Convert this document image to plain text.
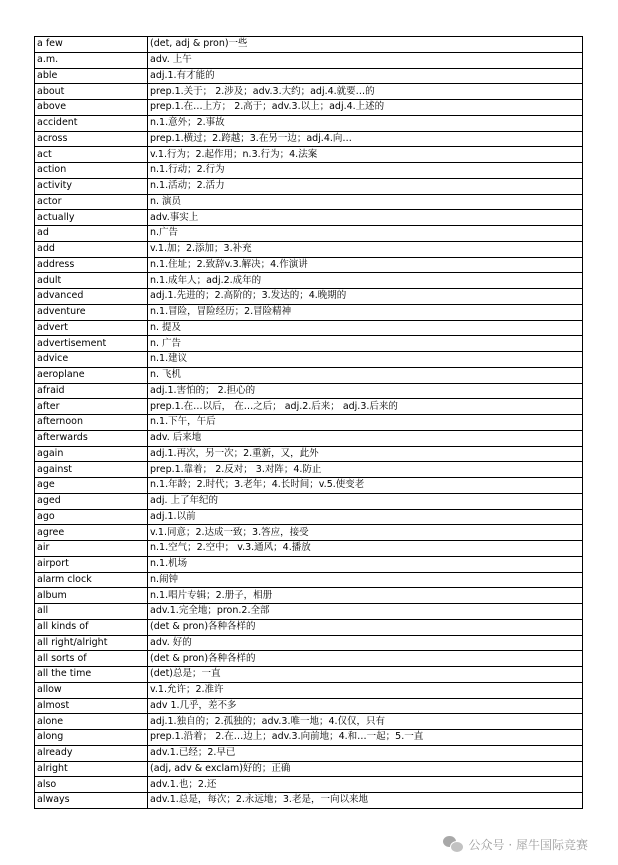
a few	(det, adj & pron)一些
a.m.	adv. 上午
able	adj.1.有才能的
about	prep.1.关于； 2.涉及；adv.3.大约；adj.4.就要…的
above	prep.1.在…上方； 2.高于；adv.3.以上；adj.4.上述的
accident	n.1.意外；2.事故
across	prep.1.横过；2.跨越；3.在另一边；adj.4.向…
act	v.1.行为；2.起作用；n.3.行为；4.法案
action	n.1.行动；2.行为
activity	n.1.活动；2.活力
actor	n. 演员
actually	adv.事实上
ad	n.广告
add	v.1.加；2.添加；3.补充
address	n.1.住址；2.致辞v.3.解决；4.作演讲
adult	n.1.成年人；adj.2.成年的
advanced	adj.1.先进的；2.高阶的；3.发达的；4.晚期的
adventure	n.1.冒险，冒险经历；2.冒险精神
advert	n. 提及
advertisement	n. 广告
advice	n.1.建议
aeroplane	n. 飞机
afraid	adj.1.害怕的； 2.担心的
after	prep.1.在…以后， 在…之后； adj.2.后来； adj.3.后来的
afternoon	n.1.下午，午后
afterwards	adv. 后来地
again	adj.1.再次，另一次；2.重新，又，此外
against	prep.1.靠着； 2.反对； 3.对阵；4.防止
age	n.1.年龄；2.时代；3.老年；4.长时间；v.5.使变老
aged	adj. 上了年纪的
ago	adj.1.以前
agree	v.1.同意；2.达成一致；3.答应，接受
air	n.1.空气；2.空中； v.3.通风；4.播放
airport	n.1.机场
alarm clock	n.闹钟
album	n.1.唱片专辑；2.册子，相册
all	adv.1.完全地；pron.2.全部
all kinds of	(det & pron)各种各样的
all right/alright	adv. 好的
all sorts of	(det & pron)各种各样的
all the time	(det)总是；一直
allow	v.1.允许；2.准许
almost	adv 1.几乎，差不多
alone	adj.1.独自的；2.孤独的；adv.3.唯一地；4.仅仅，只有
along	prep.1.沿着； 2.在…边上；adv.3.向前地；4.和…一起；5.一直
already	adv.1.已经；2.早已
alright	(adj, adv & exclam)好的；正确
also	adv.1.也；2.还
always	adv.1.总是，每次；2.永远地；3.老是，一向以来地
公众号 · 犀牛国际竞赛
